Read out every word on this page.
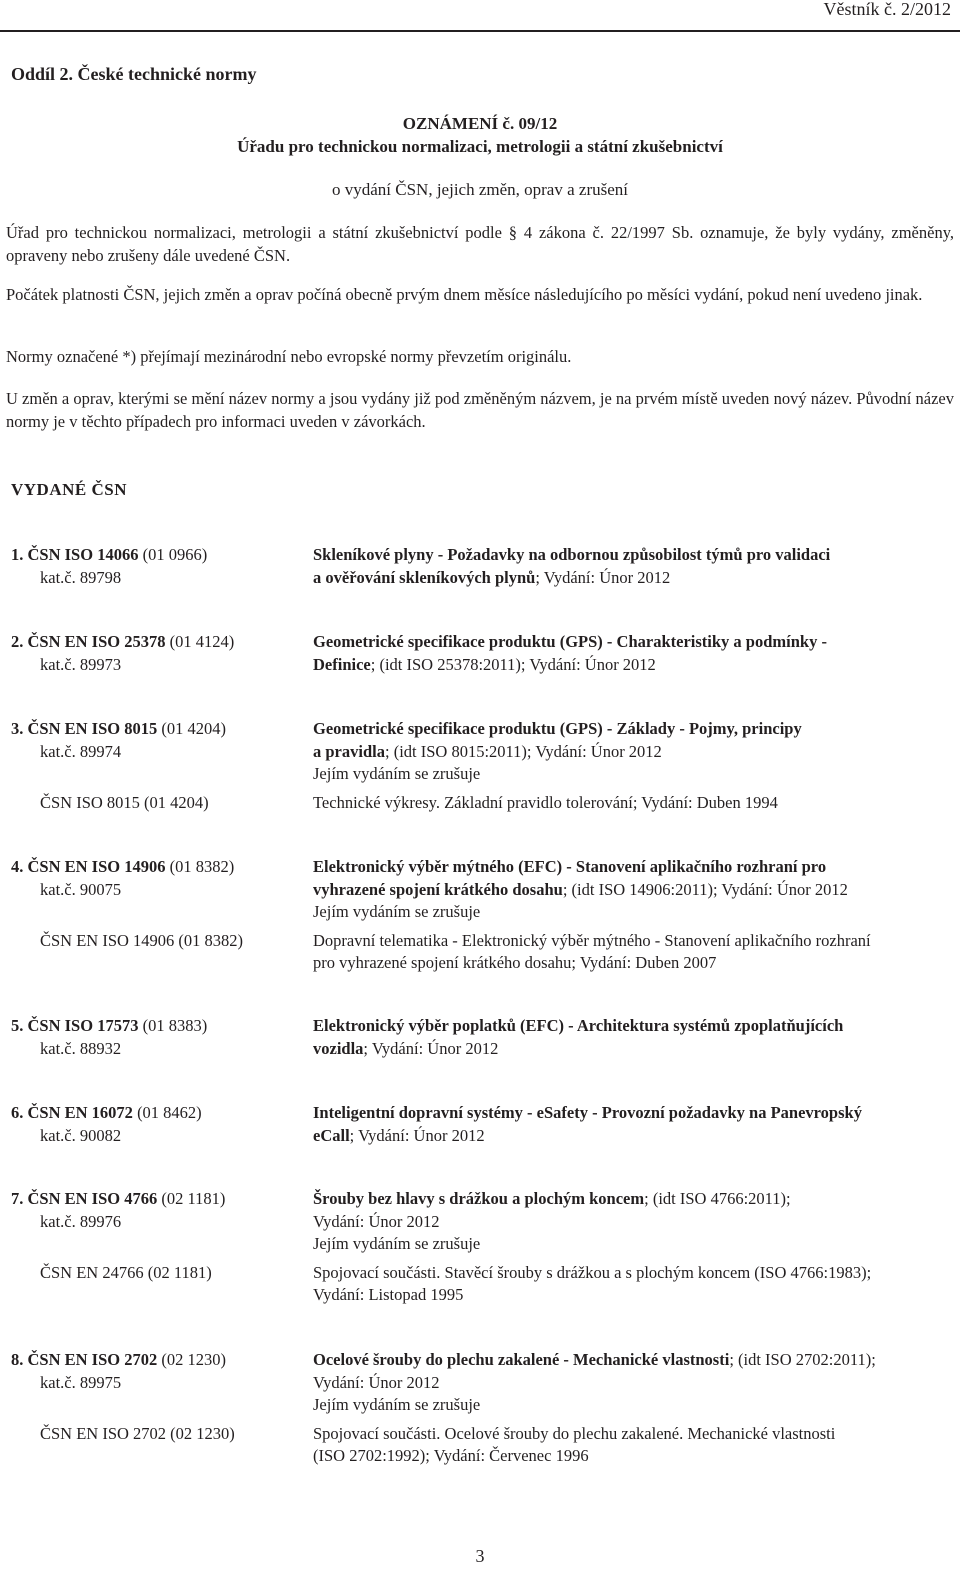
Věstník č. 2/2012
Oddíl 2. České technické normy
OZNÁMENÍ č. 09/12
Úřadu pro technickou normalizaci, metrologii a státní zkušebnictví
o vydání ČSN, jejich změn, oprav a zrušení
Úřad pro technickou normalizaci, metrologii a státní zkušebnictví podle § 4 zákona č. 22/1997 Sb. oznamuje, že byly vydány, změněny, opraveny nebo zrušeny dále uvedené ČSN.
Počátek platnosti ČSN, jejich změn a oprav počíná obecně prvým dnem měsíce následujícího po měsíci vydání, pokud není uvedeno jinak.
Normy označené *) přejímají mezinárodní nebo evropské normy převzetím originálu.
U změn a oprav, kterými se mění název normy a jsou vydány již pod změněným názvem, je na prvém místě uveden nový název. Původní název normy je v těchto případech pro informaci uveden v závorkách.
VYDANÉ ČSN
1. ČSN ISO 14066 (01 0966)	Skleníkové plyny - Požadavky na odbornou způsobilost týmů pro validaci
kat.č. 89798	a ověřování skleníkových plynů; Vydání: Únor 2012
2. ČSN EN ISO 25378 (01 4124)	Geometrické specifikace produktu (GPS) - Charakteristiky a podmínky -
kat.č. 89973	Definice; (idt ISO 25378:2011); Vydání: Únor 2012
3. ČSN EN ISO 8015 (01 4204)	Geometrické specifikace produktu (GPS) - Základy - Pojmy, principy
kat.č. 89974	a pravidla; (idt ISO 8015:2011); Vydání: Únor 2012
Jejím vydáním se zrušuje
ČSN ISO 8015 (01 4204)	Technické výkresy. Základní pravidlo tolerování; Vydání: Duben 1994
4. ČSN EN ISO 14906 (01 8382)	Elektronický výběr mýtného (EFC) - Stanovení aplikačního rozhraní pro
kat.č. 90075	vyhrazené spojení krátkého dosahu; (idt ISO 14906:2011); Vydání: Únor 2012
Jejím vydáním se zrušuje
ČSN EN ISO 14906 (01 8382)	Dopravní telematika - Elektronický výběr mýtného - Stanovení aplikačního rozhraní
pro vyhrazené spojení krátkého dosahu; Vydání: Duben 2007
5. ČSN ISO 17573 (01 8383)	Elektronický výběr poplatků (EFC) - Architektura systémů zpoplatňujících
kat.č. 88932	vozidla; Vydání: Únor 2012
6. ČSN EN 16072 (01 8462)	Inteligentní dopravní systémy - eSafety - Provozní požadavky na Panevropský
kat.č. 90082	eCall; Vydání: Únor 2012
7. ČSN EN ISO 4766 (02 1181)	Šrouby bez hlavy s drážkou a plochým koncem; (idt ISO 4766:2011);
kat.č. 89976	Vydání: Únor 2012
Jejím vydáním se zrušuje
ČSN EN 24766 (02 1181)	Spojovací součásti. Stavěcí šrouby s drážkou a s plochým koncem (ISO 4766:1983);
Vydání: Listopad 1995
8. ČSN EN ISO 2702 (02 1230)	Ocelové šrouby do plechu zakalené - Mechanické vlastnosti; (idt ISO 2702:2011);
kat.č. 89975	Vydání: Únor 2012
Jejím vydáním se zrušuje
ČSN EN ISO 2702 (02 1230)	Spojovací součásti. Ocelové šrouby do plechu zakalené. Mechanické vlastnosti
(ISO 2702:1992); Vydání: Červenec 1996
3
